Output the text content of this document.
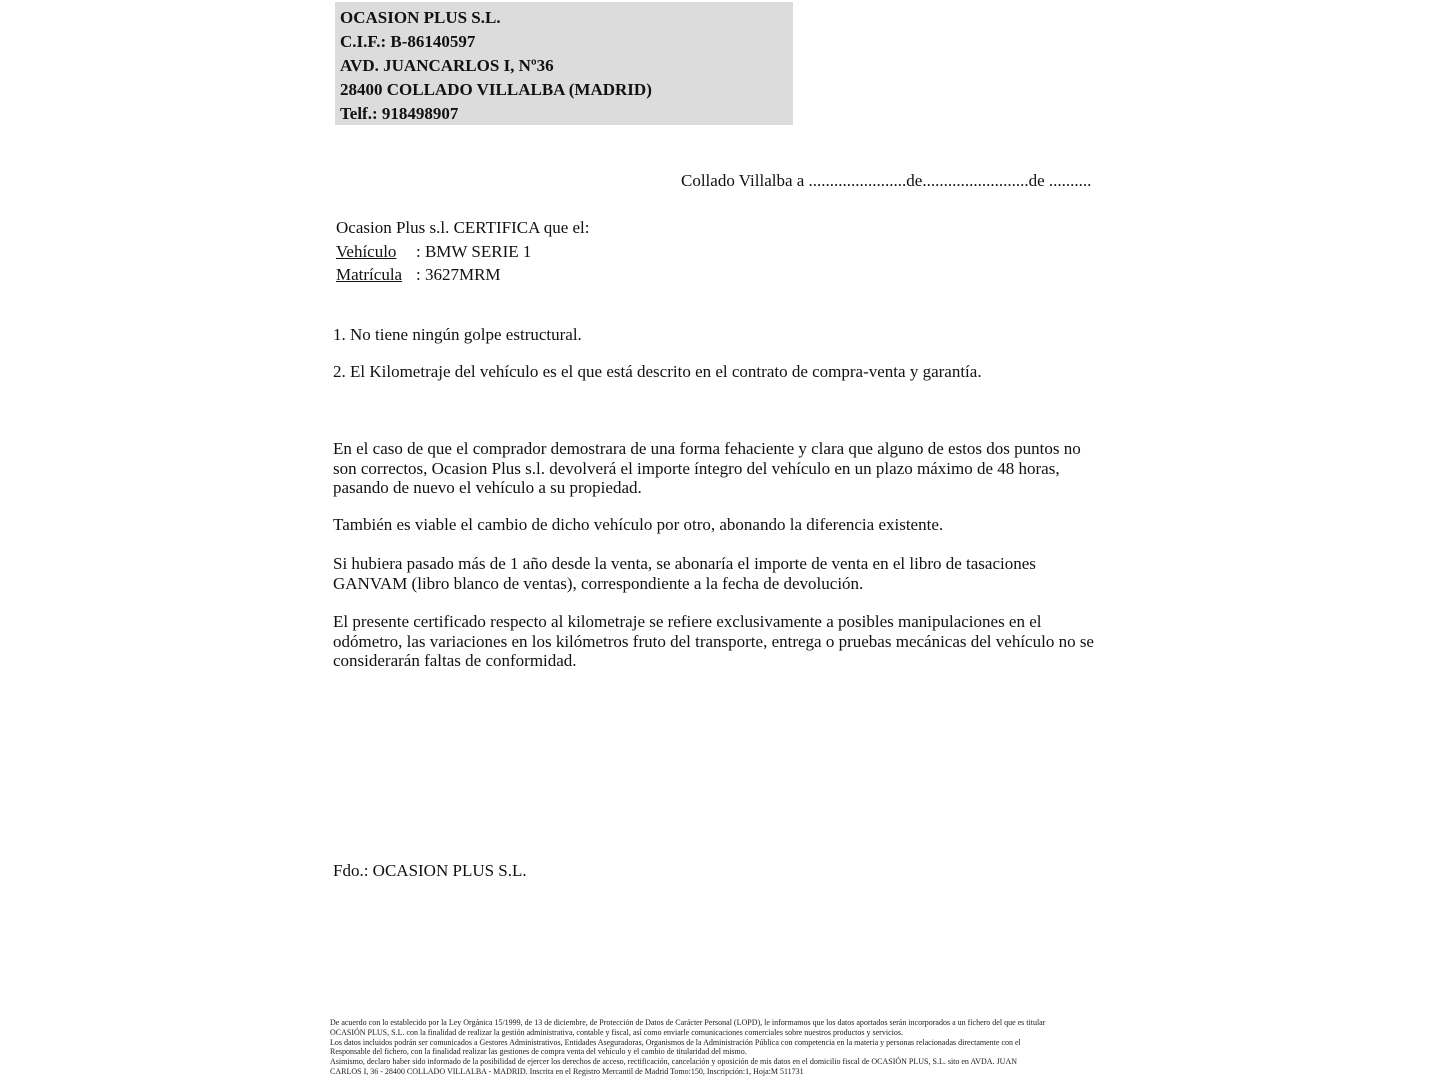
OCASION PLUS S.L.
C.I.F.: B-86140597
AVD. JUANCARLOS I, Nº36
28400 COLLADO VILLALBA (MADRID)
Telf.: 918498907
Collado Villalba a .......................de.........................de ..........
Ocasion Plus s.l. CERTIFICA que el:
Vehículo : BMW SERIE 1
Matrícula : 3627MRM
1. No tiene ningún golpe estructural.
2. El Kilometraje del vehículo es el que está descrito en el contrato de compra-venta y garantía.
En el caso de que el comprador demostrara de una forma fehaciente y clara que alguno de estos dos puntos no son correctos, Ocasion Plus s.l. devolverá el importe íntegro del vehículo en un plazo máximo de 48 horas, pasando de nuevo el vehículo a su propiedad.
También es viable el cambio de dicho vehículo por otro, abonando la diferencia existente.
Si hubiera pasado más de 1 año desde la venta, se abonaría el importe de venta en el libro de tasaciones GANVAM (libro blanco de ventas), correspondiente a la fecha de devolución.
El presente certificado respecto al kilometraje se refiere exclusivamente a posibles manipulaciones en el odómetro, las variaciones en los kilómetros fruto del transporte, entrega o pruebas mecánicas del vehículo no se considerarán faltas de conformidad.
Fdo.: OCASION PLUS S.L.
De acuerdo con lo establecido por la Ley Orgánica 15/1999, de 13 de diciembre, de Protección de Datos de Carácter Personal (LOPD), le informamos que los datos aportados serán incorporados a un fichero del que es titular
OCASIÓN PLUS, S.L. con la finalidad de realizar la gestión administrativa, contable y fiscal, así como enviarle comunicaciones comerciales sobre nuestros productos y servicios.
Los datos incluidos podrán ser comunicados a Gestores Administrativos, Entidades Aseguradoras, Organismos de la Administración Pública con competencia en la materia y personas relacionadas directamente con el
Responsable del fichero, con la finalidad realizar las gestiones de compra venta del vehículo y el cambio de titularidad del mismo.
Asimismo, declaro haber sido informado de la posibilidad de ejercer los derechos de acceso, rectificación, cancelación y oposición de mis datos en el domicilio fiscal de OCASIÓN PLUS, S.L. sito en AVDA. JUAN
CARLOS I, 36 - 28400 COLLADO VILLALBA - MADRID. Inscrita en el Registro Mercantil de Madrid Tomo:150, Inscripción:1, Hoja:M 511731
